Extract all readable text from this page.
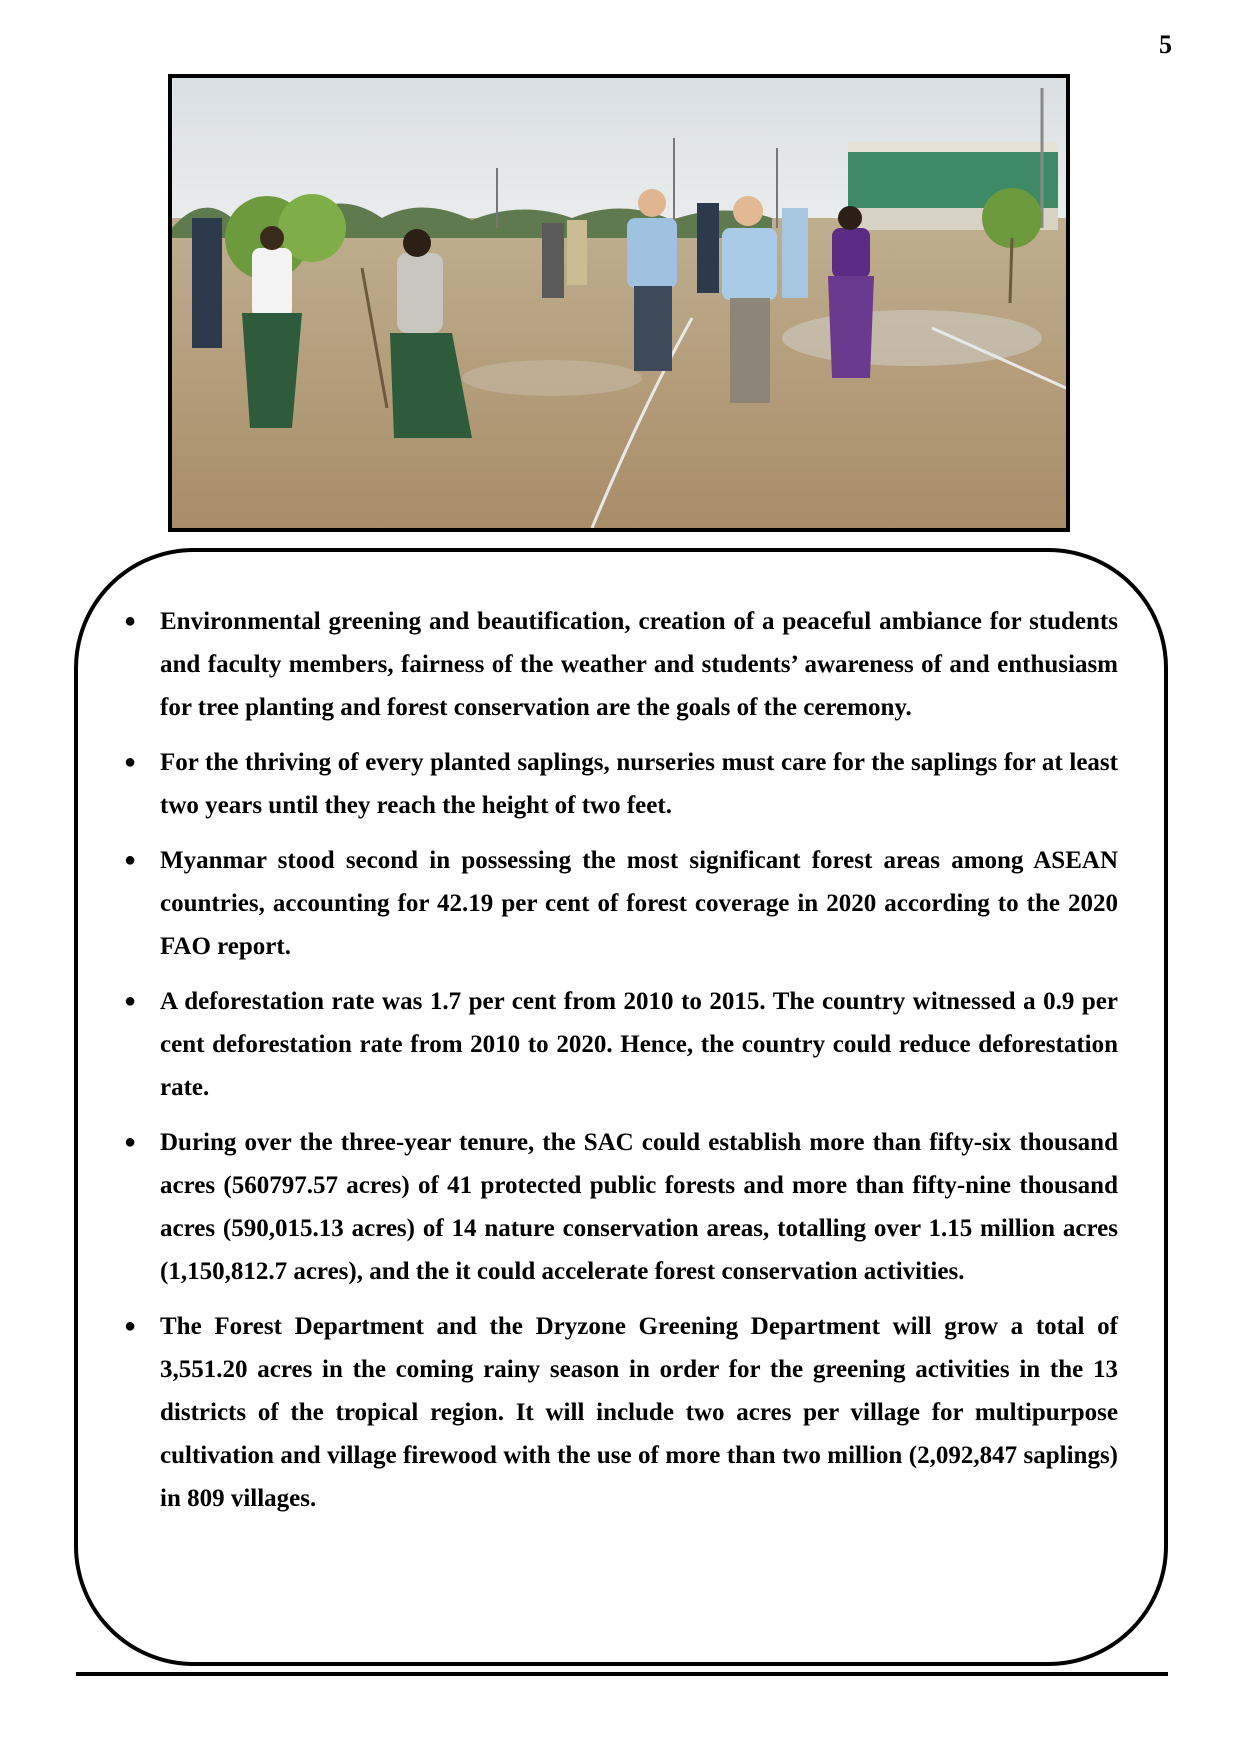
5
● Environmental greening and beautification, creation of a peaceful ambiance for students and faculty members, fairness of the weather and students’ awareness of and enthusiasm for tree planting and forest conservation are the goals of the ceremony.
● For the thriving of every planted saplings, nurseries must care for the saplings for at least two years until they reach the height of two feet.
● Myanmar stood second in possessing the most significant forest areas among ASEAN countries, accounting for 42.19 per cent of forest coverage in 2020 according to the 2020 FAO report.
● A deforestation rate was 1.7 per cent from 2010 to 2015. The country witnessed a 0.9 per cent deforestation rate from 2010 to 2020. Hence, the country could reduce deforestation rate.
● During over the three-year tenure, the SAC could establish more than fifty-six thousand acres (560797.57 acres) of 41 protected public forests and more than fifty-nine thousand acres (590,015.13 acres) of 14 nature conservation areas, totalling over 1.15 million acres (1,150,812.7 acres), and the it could accelerate forest conservation activities.
● The Forest Department and the Dryzone Greening Department will grow a total of 3,551.20 acres in the coming rainy season in order for the greening activities in the 13 districts of the tropical region. It will include two acres per village for multipurpose cultivation and village firewood with the use of more than two million (2,092,847 saplings) in 809 villages.
